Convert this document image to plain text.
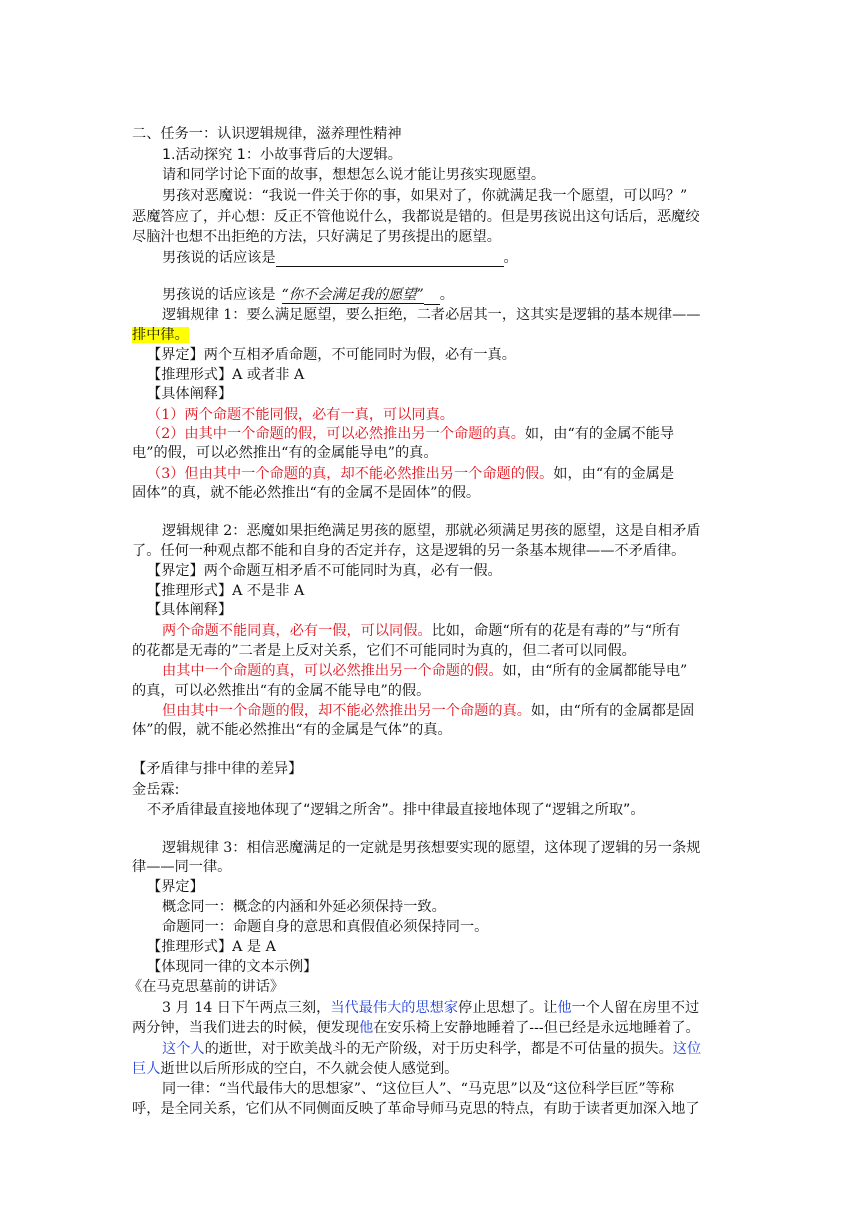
二、任务一：认识逻辑规律，滋养理性精神
1.活动探究 1：小故事背后的大逻辑。
请和同学讨论下面的故事，想想怎么说才能让男孩实现愿望。
男孩对恶魔说：“我说一件关于你的事，如果对了，你就满足我一个愿望，可以吗？”
恶魔答应了，并心想：反正不管他说什么，我都说是错的。但是男孩说出这句话后，恶魔绞
尽脑汁也想不出拒绝的方法，只好满足了男孩提出的愿望。
男孩说的话应该是	。
男孩说的话应该是 “你不会满足我的愿望” 。
逻辑规律 1：要么满足愿望，要么拒绝，二者必居其一，这其实是逻辑的基本规律——
排中律。
【界定】两个互相矛盾命题，不可能同时为假，必有一真。
【推理形式】A 或者非 A
【具体阐释】
（1）两个命题不能同假，必有一真，可以同真。
（2）由其中一个命题的假，可以必然推出另一个命题的真。如，由“有的金属不能导
电”的假，可以必然推出“有的金属能导电”的真。
（3）但由其中一个命题的真，却不能必然推出另一个命题的假。如，由“有的金属是
固体”的真，就不能必然推出“有的金属不是固体”的假。
逻辑规律 2：恶魔如果拒绝满足男孩的愿望，那就必须满足男孩的愿望，这是自相矛盾
了。任何一种观点都不能和自身的否定并存，这是逻辑的另一条基本规律——不矛盾律。
【界定】两个命题互相矛盾不可能同时为真，必有一假。
【推理形式】A 不是非 A
【具体阐释】
两个命题不能同真，必有一假，可以同假。比如，命题“所有的花是有毒的”与“所有
的花都是无毒的”二者是上反对关系，它们不可能同时为真的，但二者可以同假。
由其中一个命题的真，可以必然推出另一个命题的假。如，由“所有的金属都能导电”
的真，可以必然推出“有的金属不能导电”的假。
但由其中一个命题的假，却不能必然推出另一个命题的真。如，由“所有的金属都是固
体”的假，就不能必然推出“有的金属是气体”的真。
【矛盾律与排中律的差异】
金岳霖:
不矛盾律最直接地体现了“逻辑之所舍”。排中律最直接地体现了“逻辑之所取”。
逻辑规律 3：相信恶魔满足的一定就是男孩想要实现的愿望，这体现了逻辑的另一条规
律——同一律。
【界定】
概念同一：概念的内涵和外延必须保持一致。
命题同一：命题自身的意思和真假值必须保持同一。
【推理形式】A 是 A
【体现同一律的文本示例】
《在马克思墓前的讲话》
3 月 14 日下午两点三刻，当代最伟大的思想家停止思想了。让他一个人留在房里不过
两分钟，当我们进去的时候，便发现他在安乐椅上安静地睡着了---但已经是永远地睡着了。
这个人的逝世，对于欧美战斗的无产阶级，对于历史科学，都是不可估量的损失。这位
巨人逝世以后所形成的空白，不久就会使人感觉到。
同一律：“当代最伟大的思想家”、“这位巨人”、“马克思”以及“这位科学巨匠”等称
呼，是全同关系，它们从不同侧面反映了革命导师马克思的特点，有助于读者更加深入地了
